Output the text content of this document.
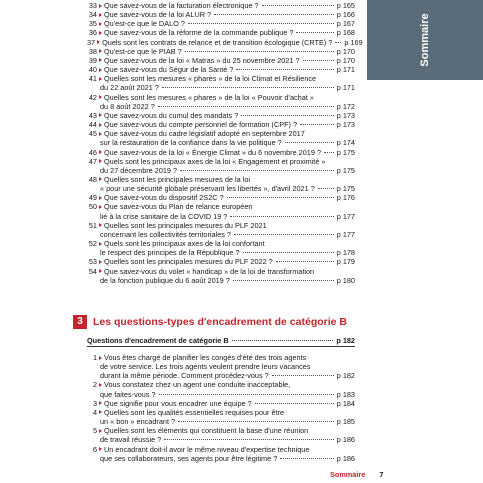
33 Que savez-vous de la facturation électronique ?	p 165
34 Que savez-vous de la loi ALUR ?	p 166
35 Qu'est-ce que le DALO ?	p 167
36 Que savez-vous de la réforme de la commande publique ?	p 168
37 Quels sont les contrats de relance et de transition écologique (CRTE) ? p 169
38 Qu'est-ce que le PIAB ?	p 170
39 Que savez-vous de la loi « Matras » du 25 novembre 2021 ?	p 170
40 Que savez-vous du Ségur de la Santé ?	p 171
41 Quelles sont les mesures « phares » de la loi Climat et Résilience
du 22 août 2021 ?	p 171
42 Quelles sont les mesures « phares » de la loi « Pouvoir d'achat »
du 8 août 2022 ?	p 172
43 Que savez-vous du cumul des mandats ?	p 173
44 Que savez-vous du compte personnel de formation (CPF) ?	p 173
45 Que savez-vous du cadre législatif adopté en septembre 2017
sur la restauration de la confiance dans la vie politique ?	p 174
46 Que savez-vous de la loi « Énergie Climat » du 6 novembre 2019 ? p 175
47 Quels sont les principaux axes de la loi « Engagement et proximité »
du 27 décembre 2019 ?	p 175
48 Quelles sont les principales mesures de la loi
« pour une sécurité globale préservant les libertés », d'avril 2021 ?	p 175
49 Que savez-vous du dispositif 2S2C ?	p 176
50 Que savez-vous du Plan de relance européen
lié à la crise sanitaire de la COVID 19 ?	p 177
51 Quelles sont les principales mesures du PLF 2021
concernant les collectivités territoriales ?	p 177
52 Quels sont les principaux axes de la loi confortant
le respect des principes de la République ?	p 178
53 Quelles sont les principales mesures du PLF 2022 ?	p 179
54 Que savez-vous du volet « handicap » de la loi de transformation
de la fonction publique du 6 août 2019 ?	p 180
3 Les questions-types d'encadrement de catégorie B
Questions d'encadrement de catégorie B	p 182
1 Vous êtes chargé de planifier les congés d'été des trois agents
de votre service. Les trois agents veulent prendre leurs vacances
durant la même période. Comment procédez-vous ?	p 182
2 Vous constatez chez un agent une conduite inacceptable,
que faites-vous ?	p 183
3 Que signifie pour vous encadrer une équipe ?	p 184
4 Quelles sont les qualités essentielles requises pour être
un « bon » encadrant ?	p 185
5 Quelles sont les éléments qui constituent la base d'une réunion
de travail réussie ?	p 186
6 Un encadrant doit-il avoir le même niveau d'expertise technique
que ses collaborateurs, ses agents pour être légitime ?	p 186
Sommaire
Sommaire 7
